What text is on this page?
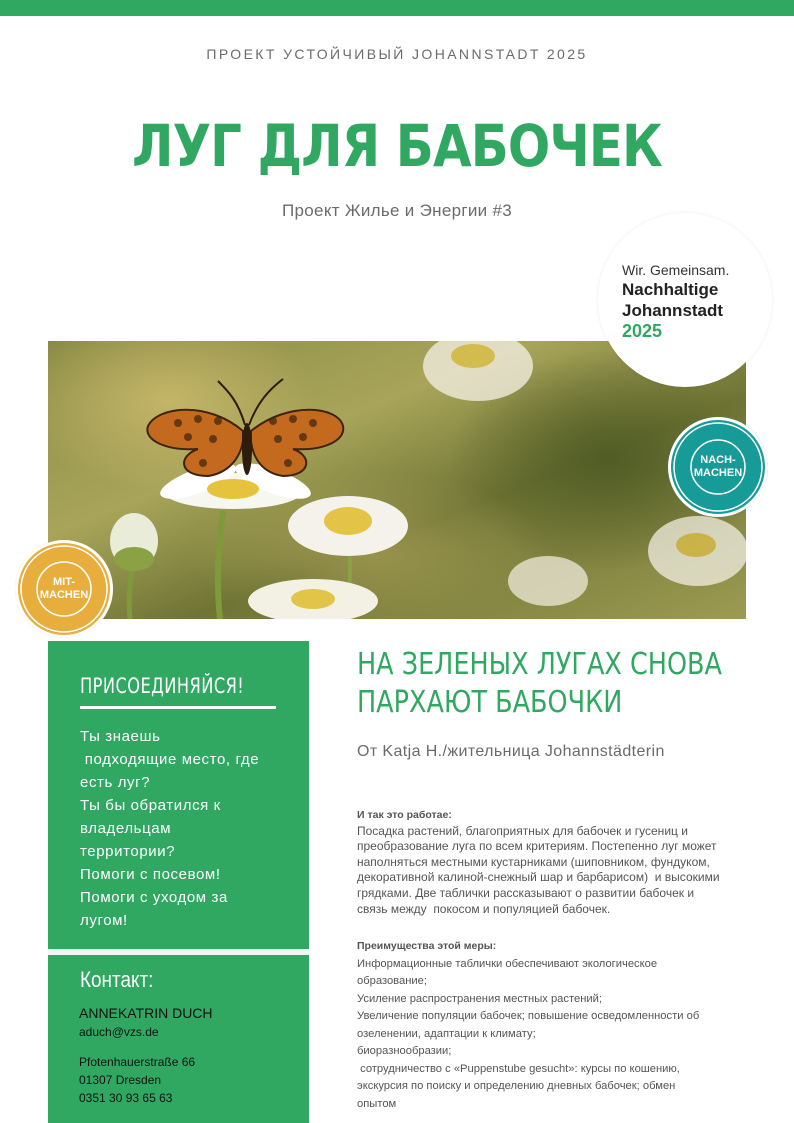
ПРОЕКТ УСТОЙЧИВЫЙ JOHANNSTADT 2025
ЛУГ ДЛЯ БАБОЧЕК
Проект Жилье и Энергии #3
Wir. Gemeinsam.
Nachhaltige
Johannstadt
2025
MIT-
MACHEN
NACH-
MACHEN
ПРИСОЕДИНЯЙСЯ!
Ты знаешь
подходящие место, где
есть луг?
Ты бы обратился к
владельцам
территории?
Помоги с посевом!
Помоги с уходом за
лугом!
Контакт:
ANNEKATRIN DUCH
aduch@vzs.de
Pfotenhauerstraße 66
01307 Dresden
0351 30 93 65 63
НА ЗЕЛЕНЫХ ЛУГАХ СНОВА
ПАРХАЮТ БАБОЧКИ
От Katja H./жительница Johannstädterin
И так это работае:
Посадка растений, благоприятных для бабочек и гусениц и
преобразование луга по всем критериям. Постепенно луг может
наполняться местными кустарниками (шиповником, фундуком,
декоративной калиной-снежный шар и барбарисом)  и высокими
грядками. Две таблички рассказывают о развитии бабочек и
связь между  покосом и популяцией бабочек.
Преимущества этой меры:
Информационные таблички обеспечивают экологическое
образование;
Усиление распространения местных растений;
Увеличение популяции бабочек; повышение осведомленности об
озеленении, адаптации к климату;
биоразнообразии;
сотрудничество с «Puppenstube gesucht»: курсы по кошению,
экскурсия по поиску и определению дневных бабочек; обмен
опытом
